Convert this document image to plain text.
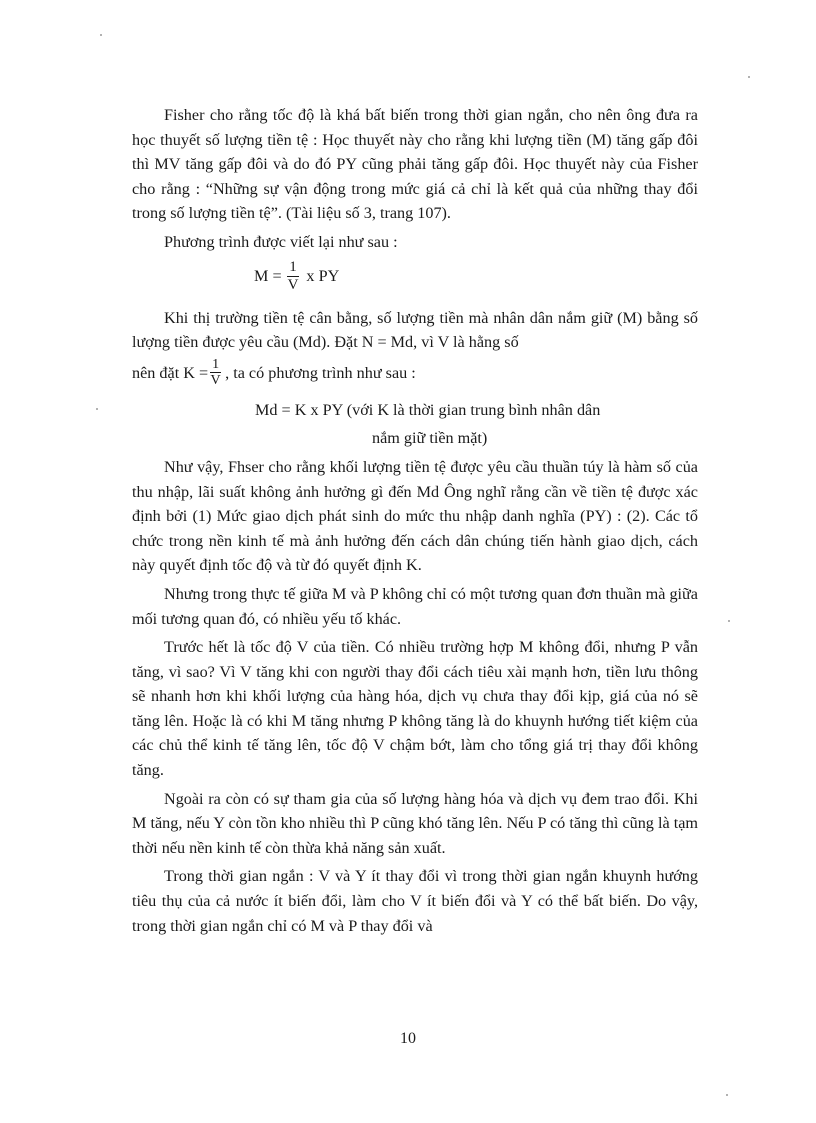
Fisher cho rằng tốc độ là khá bất biến trong thời gian ngắn, cho nên ông đưa ra học thuyết số lượng tiền tệ : Học thuyết này cho rằng khi lượng tiền (M) tăng gấp đôi thì MV tăng gấp đôi và do đó PY cũng phải tăng gấp đôi. Học thuyết này của Fisher cho rằng : “Những sự vận động trong mức giá cả chỉ là kết quả của những thay đổi trong số lượng tiền tệ”. (Tài liệu số 3, trang 107).

Phương trình được viết lại như sau :

$M = \frac{1}{V}$ x PY

Khi thị trường tiền tệ cân bằng, số lượng tiền mà nhân dân nắm giữ (M) bằng số lượng tiền được yêu cầu (Md). Đặt N = Md, vì V là hằng số

nên đặt $K = \frac{1}{V}$ , ta có phương trình như sau :

Md = K x PY (với K là thời gian trung bình nhân dân

nắm giữ tiền mặt)

Như vậy, Fhser cho rằng khối lượng tiền tệ được yêu cầu thuần túy là hàm số của thu nhập, lãi suất không ảnh hưởng gì đến Md Ông nghĩ rằng cần về tiền tệ được xác định bởi (1) Mức giao dịch phát sinh do mức thu nhập danh nghĩa (PY) : (2). Các tổ chức trong nền kinh tế mà ảnh hưởng đến cách dân chúng tiến hành giao dịch, cách này quyết định tốc độ và từ đó quyết định K.

Nhưng trong thực tế giữa M và P không chỉ có một tương quan đơn thuần mà giữa mối tương quan đó, có nhiều yếu tố khác.

Trước hết là tốc độ V của tiền. Có nhiều trường hợp M không đổi, nhưng P vẫn tăng, vì sao? Vì V tăng khi con người thay đổi cách tiêu xài mạnh hơn, tiền lưu thông sẽ nhanh hơn khi khối lượng của hàng hóa, dịch vụ chưa thay đổi kịp, giá của nó sẽ tăng lên. Hoặc là có khi M tăng nhưng P không tăng là do khuynh hướng tiết kiệm của các chủ thể kinh tế tăng lên, tốc độ V chậm bớt, làm cho tổng giá trị thay đổi không tăng.

Ngoài ra còn có sự tham gia của số lượng hàng hóa và dịch vụ đem trao đổi. Khi M tăng, nếu Y còn tồn kho nhiều thì P cũng khó tăng lên. Nếu P có tăng thì cũng là tạm thời nếu nền kinh tế còn thừa khả năng sản xuất.

Trong thời gian ngắn : V và Y ít thay đổi vì trong thời gian ngắn khuynh hướng tiêu thụ của cả nước ít biến đổi, làm cho V ít biến đổi và Y có thể bất biến. Do vậy, trong thời gian ngắn chỉ có M và P thay đổi và

10
